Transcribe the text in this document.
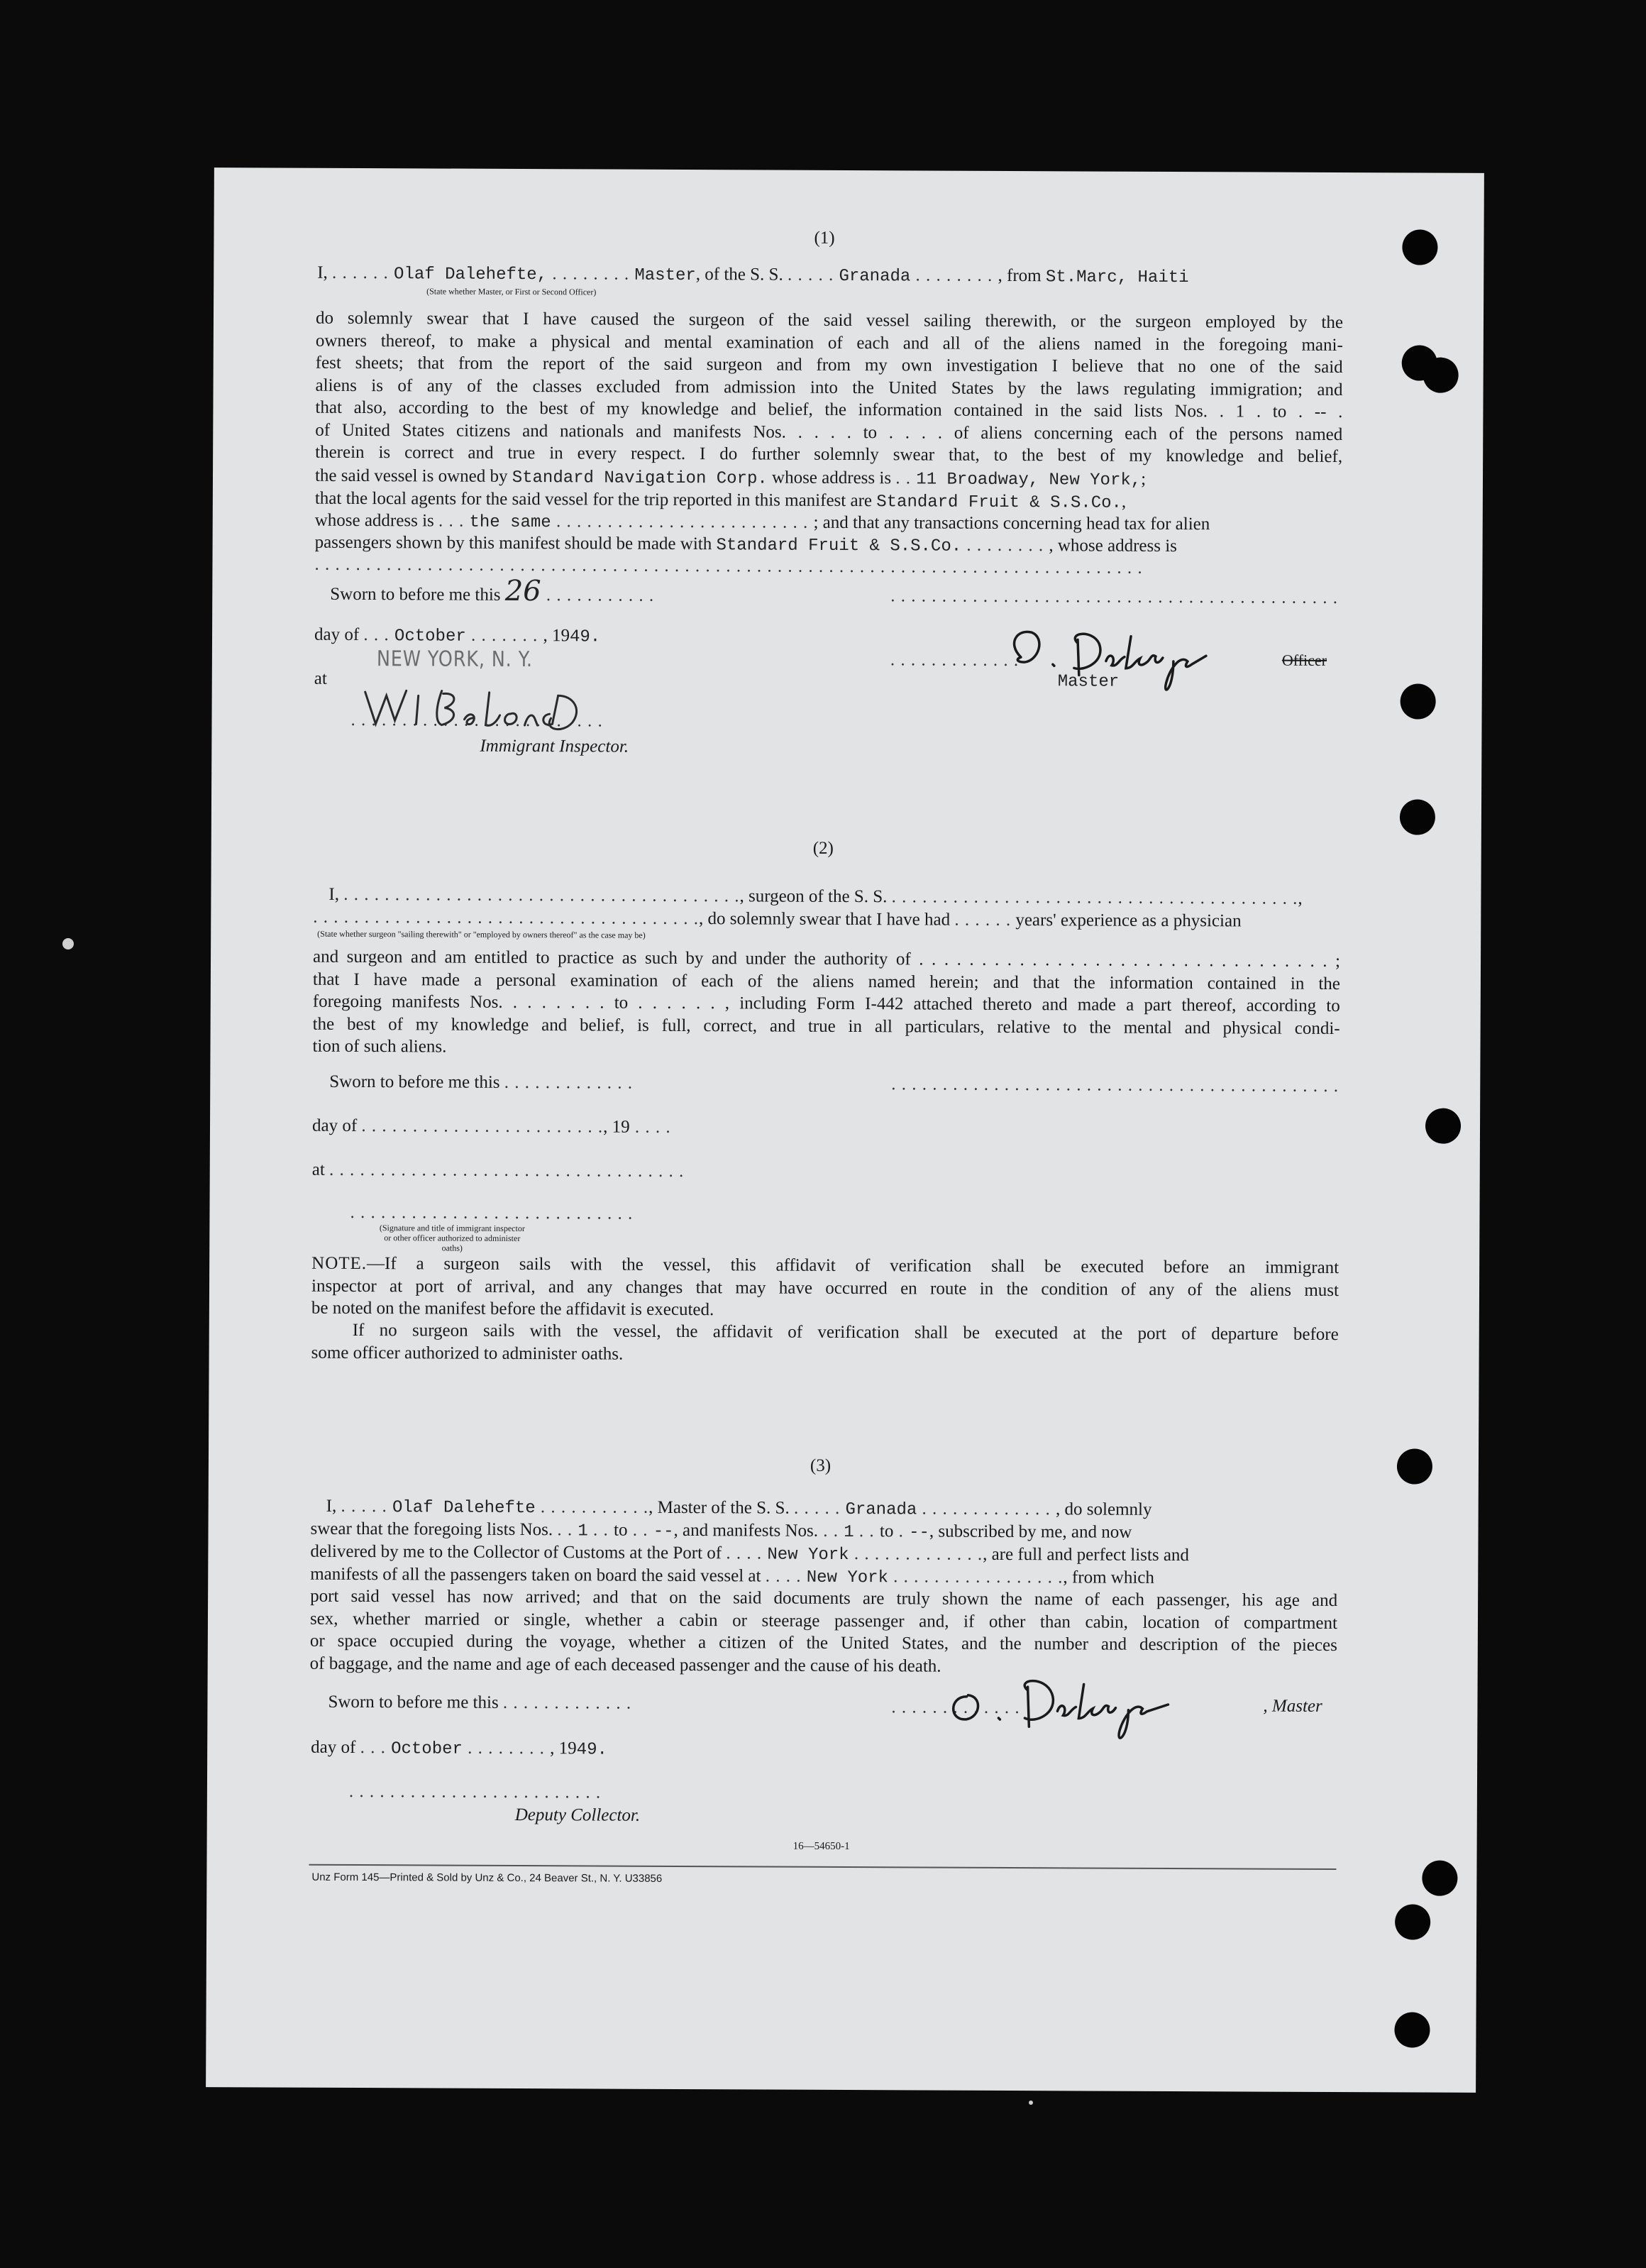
(1)
I, . . . . . . Olaf Dalehefte, . . . . . . . . Master, of the S. S. . . . . . Granada . . . . . . . . , from St.Marc, Haiti
(State whether Master, or First or Second Officer)
do solemnly swear that I have caused the surgeon of the said vessel sailing therewith, or the surgeon employed by the
owners thereof, to make a physical and mental examination of each and all of the aliens named in the foregoing mani-
fest sheets; that from the report of the said surgeon and from my own investigation I believe that no one of the said
aliens is of any of the classes excluded from admission into the United States by the laws regulating immigration; and
that also, according to the best of my knowledge and belief, the information contained in the said lists Nos. . 1 . to . -- .
of United States citizens and nationals and manifests Nos. . . . . to . . . . of aliens concerning each of the persons named
therein is correct and true in every respect. I do further solemnly swear that, to the best of my knowledge and belief,
the said vessel is owned by Standard Navigation Corp. whose address is . . 11 Broadway, New York,;
that the local agents for the said vessel for the trip reported in this manifest are Standard Fruit & S.S.Co.,
whose address is . . . the same . . . . . . . . . . . . . . . . . . . . . . . . . ; and that any transactions concerning head tax for alien
passengers shown by this manifest should be made with Standard Fruit & S.S.Co. . . . . . . . . , whose address is
. . . . . . . . . . . . . . . . . . . . . . . . . . . . . . . . . . . . . . . . . . . . . . . . . . . . . . . . . . . . . . . . . . . . . . . . . . . . . . . . .
Sworn to before me this 26 . . . . . . . . . . .	. . . . . . . . . . . . . . . . . . . . . . . . . . . . . . . . . . . . . . . . . . . .
day of . . . October . . . . . . . , 1949.
at
NEW YORK, N. Y.	. . . . . . . . . . . . .
Master
Officer
. . . . . . . . . . . . . . . . . . . . . . . . .
Immigrant Inspector.
(2)
I, . . . . . . . . . . . . . . . . . . . . . . . . . . . . . . . . . . . . . . ., surgeon of the S. S. . . . . . . . . . . . . . . . . . . . . . . . . . . . . . . . . . . . . . . . .,
. . . . . . . . . . . . . . . . . . . . . . . . . . . . . . . . . . . . . ., do solemnly swear that I have had . . . . . . years' experience as a physician
(State whether surgeon "sailing therewith" or "employed by owners thereof" as the case may be)
and surgeon and am entitled to practice as such by and under the authority of . . . . . . . . . . . . . . . . . . . . . . . . . . . . . . . . . ;
that I have made a personal examination of each of the aliens named herein; and that the information contained in the
foregoing manifests Nos. . . . . . . . to . . . . . . , including Form I-442 attached thereto and made a part thereof, according to
the best of my knowledge and belief, is full, correct, and true in all particulars, relative to the mental and physical condi-
tion of such aliens.
Sworn to before me this . . . . . . . . . . . . .	. . . . . . . . . . . . . . . . . . . . . . . . . . . . . . . . . . . . . . . . . . . .
day of . . . . . . . . . . . . . . . . . . . . . . . ., 19 . . . .
at . . . . . . . . . . . . . . . . . . . . . . . . . . . . . . . . . . .
. . . . . . . . . . . . . . . . . . . . . . . . . . . .
(Signature and title of immigrant inspector or other officer authorized to administer oaths)
NOTE.—If a surgeon sails with the vessel, this affidavit of verification shall be executed before an immigrant
inspector at port of arrival, and any changes that may have occurred en route in the condition of any of the aliens must
be noted on the manifest before the affidavit is executed.
If no surgeon sails with the vessel, the affidavit of verification shall be executed at the port of departure before
some officer authorized to administer oaths.
(3)
I, . . . . . Olaf Dalehefte . . . . . . . . . . ., Master of the S. S. . . . . . Granada . . . . . . . . . . . . . , do solemnly
swear that the foregoing lists Nos. . . 1 . . to . . --, and manifests Nos. . . 1 . . to . --, subscribed by me, and now
delivered by me to the Collector of Customs at the Port of . . . . New York . . . . . . . . . . . . ., are full and perfect lists and
manifests of all the passengers taken on board the said vessel at . . . . New York . . . . . . . . . . . . . . . . ., from which
port said vessel has now arrived; and that on the said documents are truly shown the name of each passenger, his age and
sex, whether married or single, whether a cabin or steerage passenger and, if other than cabin, location of compartment
or space occupied during the voyage, whether a citizen of the United States, and the number and description of the pieces
of baggage, and the name and age of each deceased passenger and the cause of his death.
Sworn to before me this . . . . . . . . . . . . .	. . . . . . . . . . . . .	, Master
day of . . . October . . . . . . . . , 1949.
. . . . . . . . . . . . . . . . . . . . . . . . .
Deputy Collector.
16—54650-1
Unz Form 145—Printed & Sold by Unz & Co., 24 Beaver St., N. Y. U33856
